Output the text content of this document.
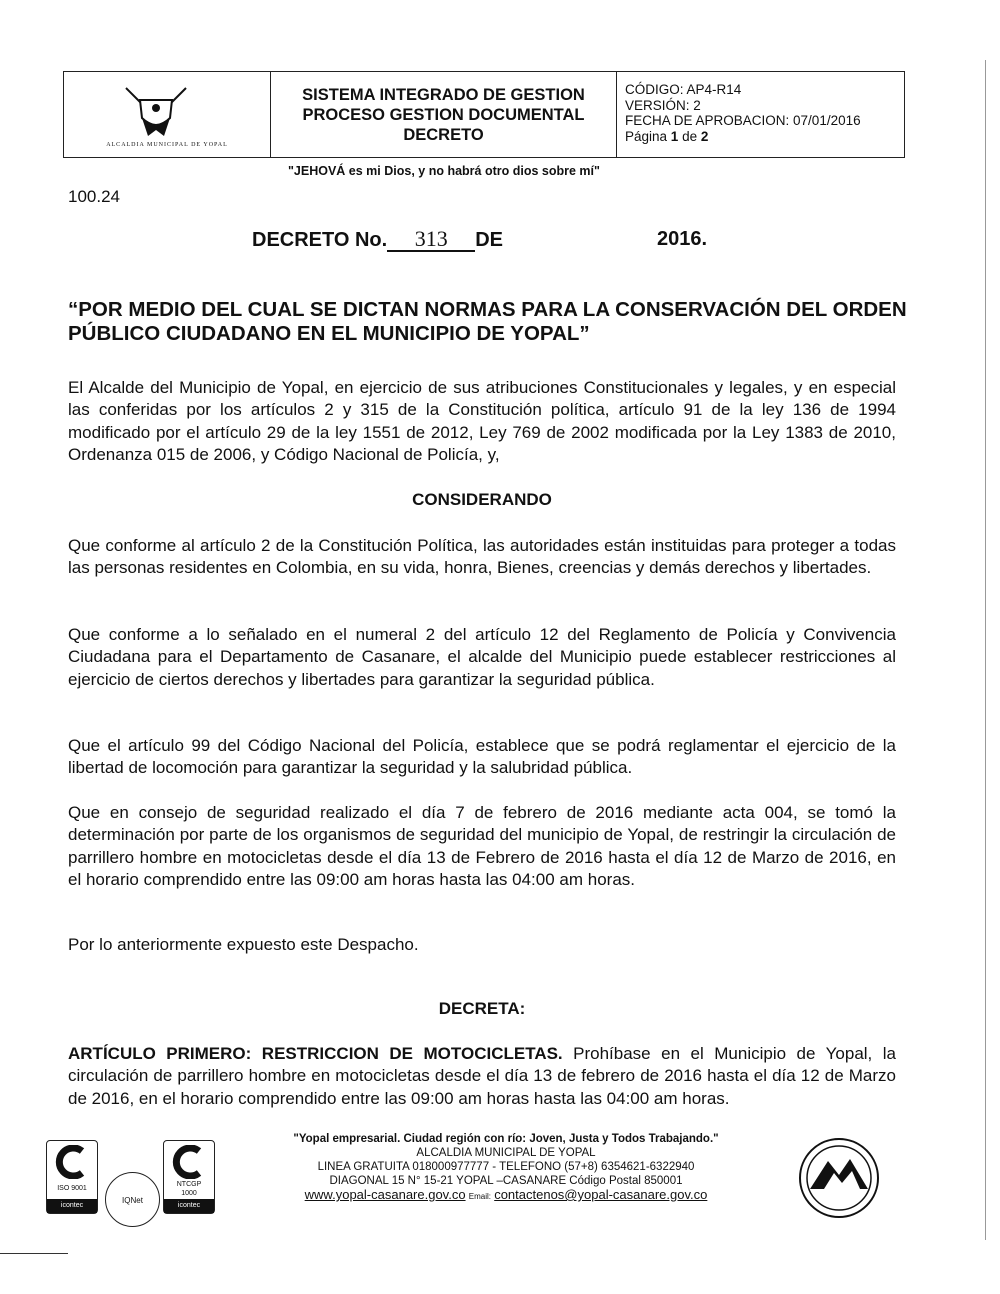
ALCALDIA MUNICIPAL DE YOPAL
SISTEMA INTEGRADO DE GESTION
PROCESO GESTION DOCUMENTAL
DECRETO
CÓDIGO: AP4-R14
VERSIÓN: 2
FECHA DE APROBACION: 07/01/2016
Página 1 de 2
"JEHOVÁ es mi Dios, y no habrá otro dios sobre mí"
100.24
DECRETO No. 313 DE	2016.
“POR MEDIO DEL CUAL SE DICTAN NORMAS PARA LA CONSERVACIÓN DEL ORDEN PÚBLICO CIUDADANO EN EL MUNICIPIO DE YOPAL”
El Alcalde del Municipio de Yopal, en ejercicio de sus atribuciones Constitucionales y legales, y en especial las conferidas por los artículos 2 y 315 de la Constitución política, artículo 91 de la ley 136 de 1994 modificado por el artículo 29 de la ley 1551 de 2012, Ley 769 de 2002 modificada por la Ley 1383 de 2010, Ordenanza 015 de 2006, y Código Nacional de Policía, y,
CONSIDERANDO
Que conforme al artículo 2 de la Constitución Política, las autoridades están instituidas para proteger a todas las personas residentes en Colombia, en su vida, honra, Bienes, creencias y demás derechos y libertades.
Que conforme a lo señalado en el numeral 2 del artículo 12 del Reglamento de Policía y Convivencia Ciudadana para el Departamento de Casanare, el alcalde del Municipio puede establecer restricciones al ejercicio de ciertos derechos y libertades para garantizar la seguridad pública.
Que el artículo 99 del Código Nacional del Policía, establece que se podrá reglamentar el ejercicio de la libertad de locomoción para garantizar la seguridad y la salubridad pública.
Que en consejo de seguridad realizado el día 7 de febrero de 2016 mediante acta 004, se tomó la determinación por parte de los organismos de seguridad del municipio de Yopal, de restringir la circulación de parrillero hombre en motocicletas desde el día 13 de Febrero de 2016 hasta el día 12 de Marzo de 2016, en el horario comprendido entre las 09:00 am horas hasta las 04:00 am horas.
Por lo anteriormente expuesto este Despacho.
DECRETA:
ARTÍCULO PRIMERO: RESTRICCION DE MOTOCICLETAS. Prohíbase en el Municipio de Yopal, la circulación de parrillero hombre en motocicletas desde el día 13 de febrero de 2016 hasta el día 12 de Marzo de 2016, en el horario comprendido entre las 09:00 am horas hasta las 04:00 am horas.
ISO 9001
icontec
IQNet
NTCGP
1000
icontec
"Yopal empresarial. Ciudad región con río: Joven, Justa y Todos Trabajando."
ALCALDIA MUNICIPAL DE YOPAL
LINEA GRATUITA 018000977777 - TELEFONO (57+8) 6354621-6322940
DIAGONAL 15 N° 15-21 YOPAL –CASANARE Código Postal 850001
www.yopal-casanare.gov.co Email: contactenos@yopal-casanare.gov.co
